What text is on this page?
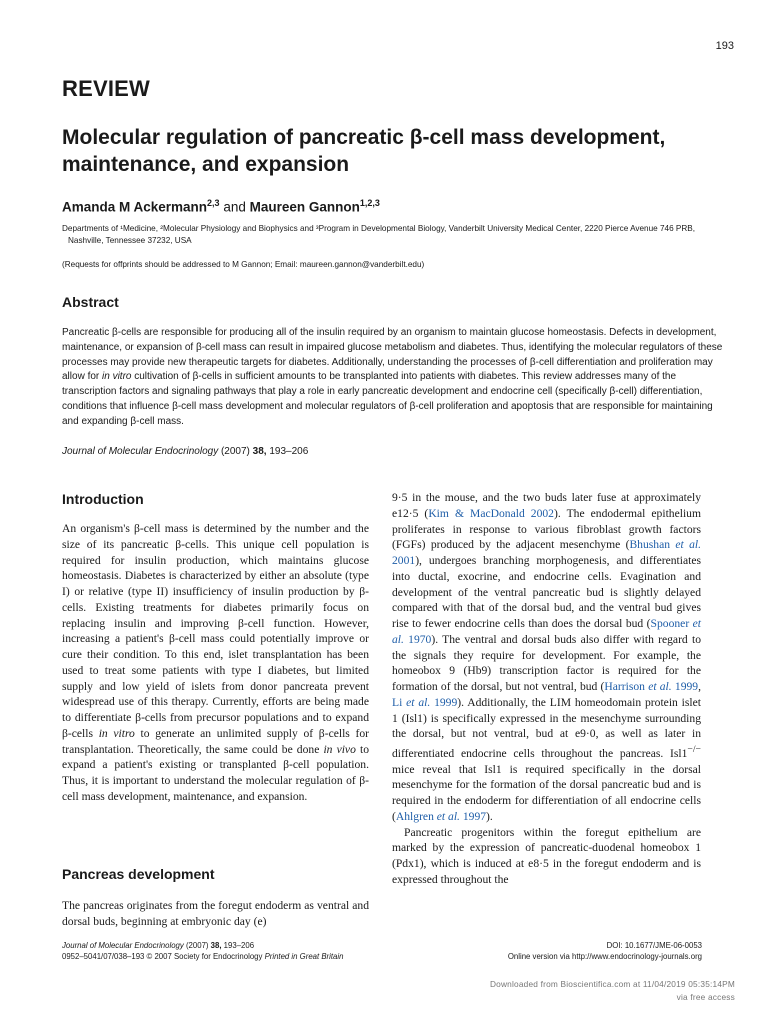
193
REVIEW
Molecular regulation of pancreatic β-cell mass development,
maintenance, and expansion
Amanda M Ackermann$^{2,3}$ and Maureen Gannon$^{1,2,3}$
Departments of ¹Medicine, ²Molecular Physiology and Biophysics and ³Program in Developmental Biology, Vanderbilt University Medical Center, 2220 Pierce Avenue 746 PRB,
Nashville, Tennessee 37232, USA
(Requests for offprints should be addressed to M Gannon; Email: maureen.gannon@vanderbilt.edu)
Abstract
Pancreatic β-cells are responsible for producing all of the insulin required by an organism to maintain glucose homeostasis. Defects in development, maintenance, or expansion of β-cell mass can result in impaired glucose metabolism and diabetes. Thus, identifying the molecular regulators of these processes may provide new therapeutic targets for diabetes. Additionally, understanding the processes of β-cell differentiation and proliferation may allow for in vitro cultivation of β-cells in sufficient amounts to be transplanted into patients with diabetes. This review addresses many of the transcription factors and signaling pathways that play a role in early pancreatic development and endocrine cell (specifically β-cell) differentiation, conditions that influence β-cell mass development and molecular regulators of β-cell proliferation and apoptosis that are responsible for maintaining and expanding β-cell mass.
Journal of Molecular Endocrinology (2007) 38, 193–206
Introduction
An organism's β-cell mass is determined by the number and the size of its pancreatic β-cells. This unique cell population is required for insulin production, which maintains glucose homeostasis. Diabetes is characterized by either an absolute (type I) or relative (type II) insufficiency of insulin production by β-cells. Existing treatments for diabetes primarily focus on replacing insulin and improving β-cell function. However, increasing a patient's β-cell mass could potentially improve or cure their condition. To this end, islet transplantation has been used to treat some patients with type I diabetes, but limited supply and low yield of islets from donor pancreata prevent widespread use of this therapy. Currently, efforts are being made to differentiate β-cells from precursor populations and to expand β-cells in vitro to generate an unlimited supply of β-cells for transplantation. Theoretically, the same could be done in vivo to expand a patient's existing or transplanted β-cell population. Thus, it is important to understand the molecular regulation of β-cell mass development, maintenance, and expansion.
Pancreas development
The pancreas originates from the foregut endoderm as ventral and dorsal buds, beginning at embryonic day (e)

9·5 in the mouse, and the two buds later fuse at approximately e12·5 (Kim & MacDonald 2002). The endodermal epithelium proliferates in response to various fibroblast growth factors (FGFs) produced by the adjacent mesenchyme (Bhushan et al. 2001), undergoes branching morphogenesis, and differentiates into ductal, exocrine, and endocrine cells. Evagination and development of the ventral pancreatic bud is slightly delayed compared with that of the dorsal bud, and the ventral bud gives rise to fewer endocrine cells than does the dorsal bud (Spooner et al. 1970). The ventral and dorsal buds also differ with regard to the signals they require for development. For example, the homeobox 9 (Hb9) transcription factor is required for the formation of the dorsal, but not ventral, bud (Harrison et al. 1999, Li et al. 1999). Additionally, the LIM homeodomain protein islet 1 (Isl1) is specifically expressed in the mesenchyme surrounding the dorsal, but not ventral, bud at e9·0, as well as later in differentiated endocrine cells throughout the pancreas. Isl1−/− mice reveal that Isl1 is required specifically in the dorsal mesenchyme for the formation of the dorsal pancreatic bud and is required in the endoderm for differentiation of all endocrine cells (Ahlgren et al. 1997).

Pancreatic progenitors within the foregut epithelium are marked by the expression of pancreatic-duodenal homeobox 1 (Pdx1), which is induced at e8·5 in the foregut endoderm and is expressed throughout the

Journal of Molecular Endocrinology (2007) 38, 193–206
0952–5041/07/038–193 © 2007 Society for Endocrinology Printed in Great Britain
DOI: 10.1677/JME-06-0053
Online version via http://www.endocrinology-journals.org
Downloaded from Bioscientifica.com at 11/04/2019 05:35:14PM
via free access
